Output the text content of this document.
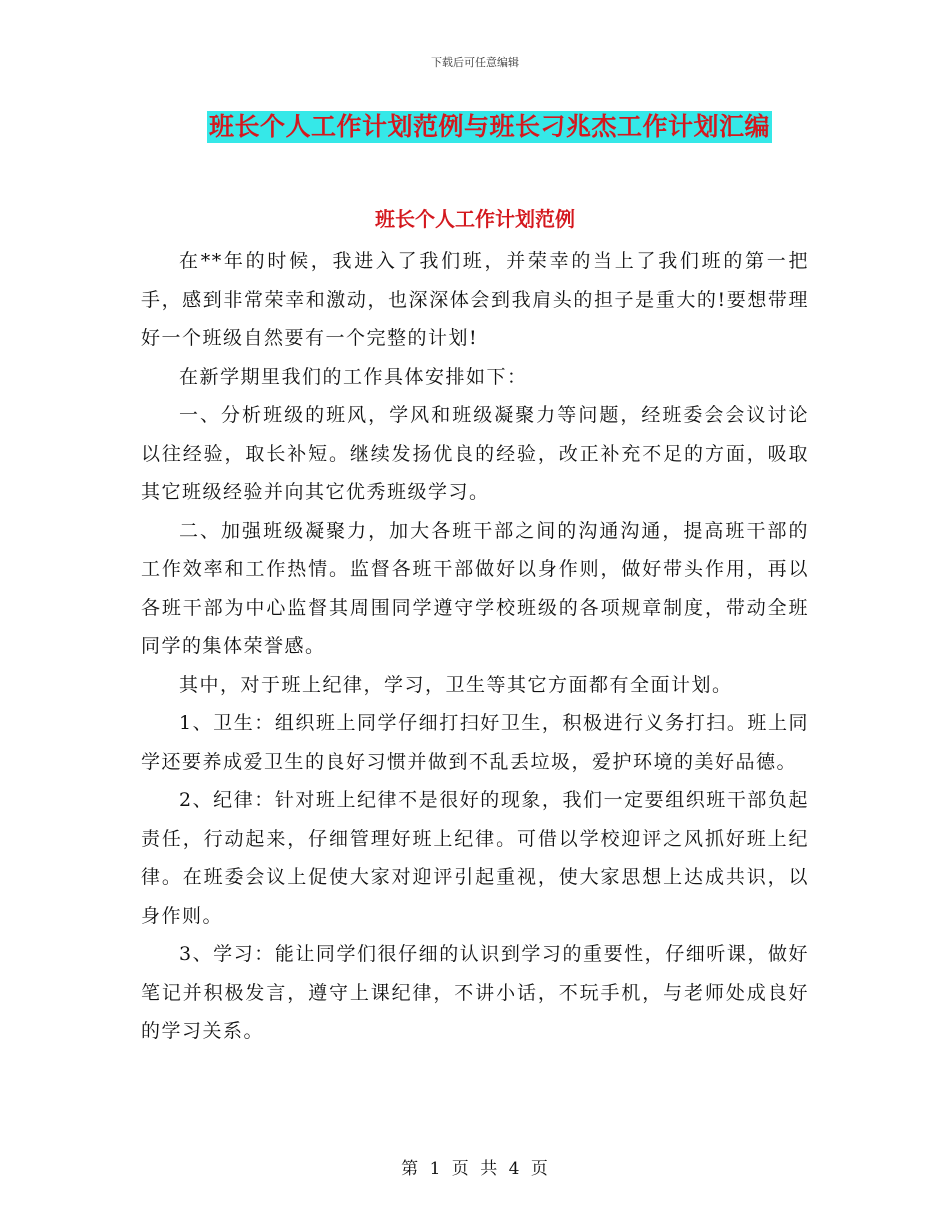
下载后可任意编辑
班长个人工作计划范例与班长刁兆杰工作计划汇编
班长个人工作计划范例

在**年的时候，我进入了我们班，并荣幸的当上了我们班的第一把手，感到非常荣幸和激动，也深深体会到我肩头的担子是重大的!要想带理好一个班级自然要有一个完整的计划!

在新学期里我们的工作具体安排如下：

一、分析班级的班风，学风和班级凝聚力等问题，经班委会会议讨论以往经验，取长补短。继续发扬优良的经验，改正补充不足的方面，吸取其它班级经验并向其它优秀班级学习。

二、加强班级凝聚力，加大各班干部之间的沟通沟通，提高班干部的工作效率和工作热情。监督各班干部做好以身作则，做好带头作用，再以各班干部为中心监督其周围同学遵守学校班级的各项规章制度，带动全班同学的集体荣誉感。

其中，对于班上纪律，学习，卫生等其它方面都有全面计划。

1、卫生：组织班上同学仔细打扫好卫生，积极进行义务打扫。班上同学还要养成爱卫生的良好习惯并做到不乱丢垃圾，爱护环境的美好品德。

2、纪律：针对班上纪律不是很好的现象，我们一定要组织班干部负起责任，行动起来，仔细管理好班上纪律。可借以学校迎评之风抓好班上纪律。在班委会议上促使大家对迎评引起重视，使大家思想上达成共识，以身作则。

3、学习：能让同学们很仔细的认识到学习的重要性，仔细听课，做好笔记并积极发言，遵守上课纪律，不讲小话，不玩手机，与老师处成良好的学习关系。

第 1 页 共 4 页
